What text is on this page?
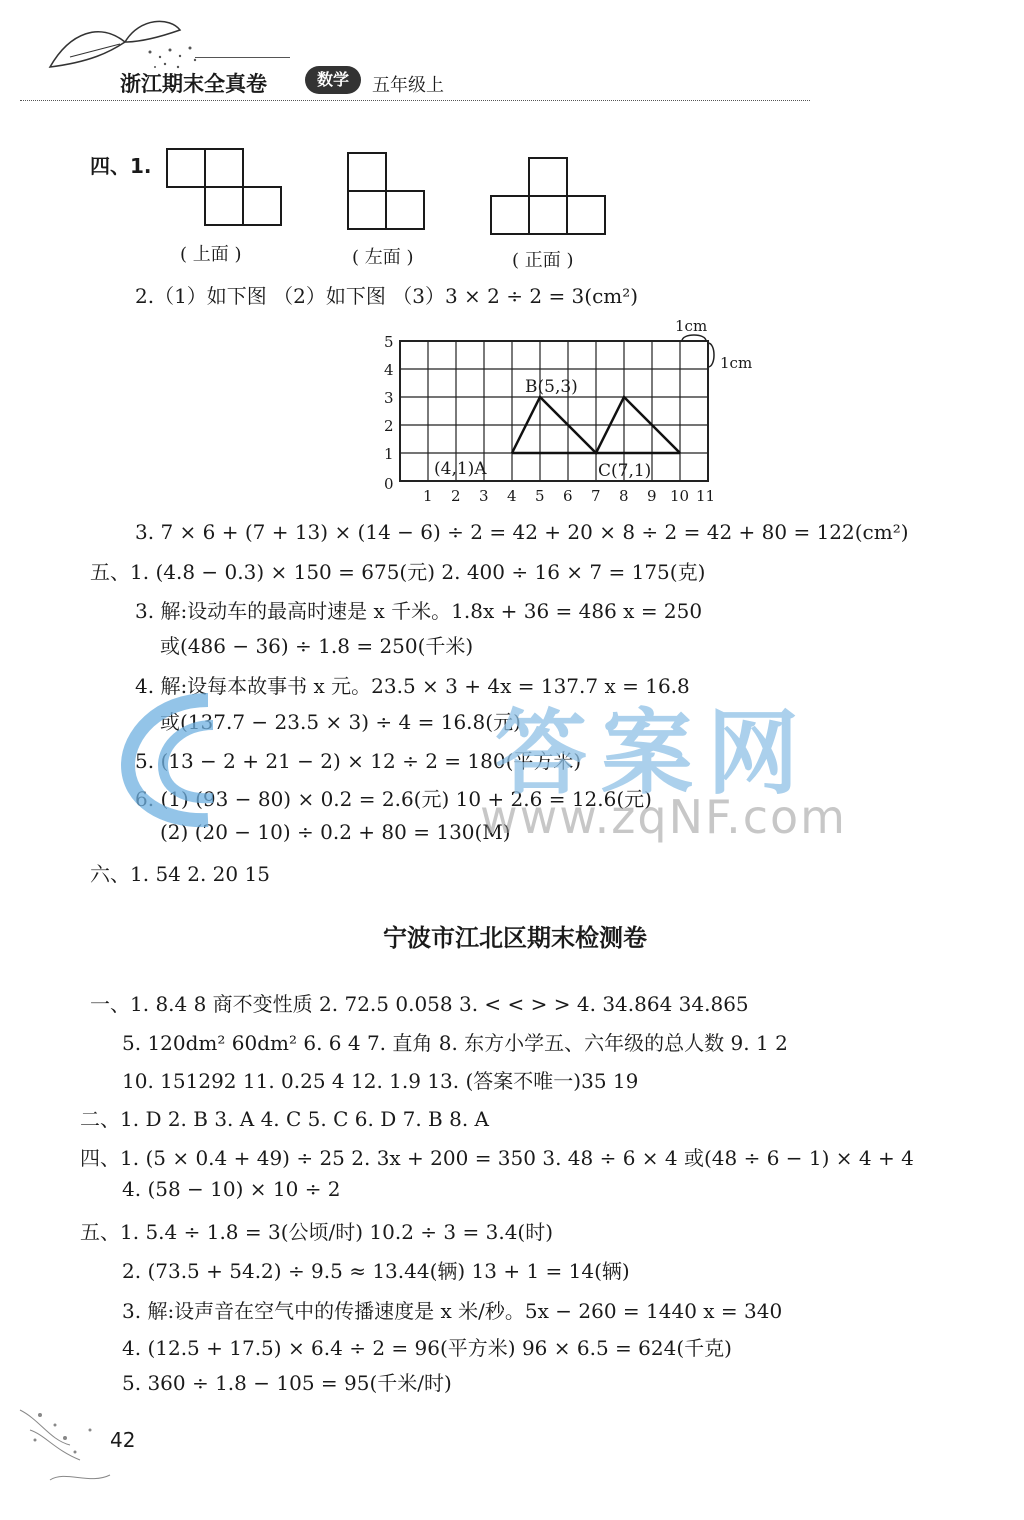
浙江期末全真卷	数学	五年级上
四、1.
( 上面 )	( 左面 )	( 正面 )
2.（1）如下图 （2）如下图 （3）3 × 2 ÷ 2 = 3(cm²)
5
4
3
2
1
0
1 2 3 4 5 6 7 8 9 10 11
1cm
1cm
(4,1)A
B(5,3)
C(7,1)
3. 7 × 6 + (7 + 13) × (14 − 6) ÷ 2 = 42 + 20 × 8 ÷ 2 = 42 + 80 = 122(cm²)
五、1. (4.8 − 0.3) × 150 = 675(元) 2. 400 ÷ 16 × 7 = 175(克)
3. 解:设动车的最高时速是 x 千米。1.8x + 36 = 486 x = 250
或(486 − 36) ÷ 1.8 = 250(千米)
4. 解:设每本故事书 x 元。23.5 × 3 + 4x = 137.7 x = 16.8
或(137.7 − 23.5 × 3) ÷ 4 = 16.8(元)
5. (13 − 2 + 21 − 2) × 12 ÷ 2 = 180(平方米)
6. (1) (93 − 80) × 0.2 = 2.6(元) 10 + 2.6 = 12.6(元)
(2) (20 − 10) ÷ 0.2 + 80 = 130(M)
六、1. 54 2. 20 15
答案网
www.zqNF.com
宁波市江北区期末检测卷
一、1. 8.4 8 商不变性质 2. 72.5 0.058 3. < < > > 4. 34.864 34.865
5. 120dm² 60dm² 6. 6 4 7. 直角 8. 东方小学五、六年级的总人数 9. 1 2
10. 151292 11. 0.25 4 12. 1.9 13. (答案不唯一)35 19
二、1. D 2. B 3. A 4. C 5. C 6. D 7. B 8. A
四、1. (5 × 0.4 + 49) ÷ 25 2. 3x + 200 = 350 3. 48 ÷ 6 × 4 或(48 ÷ 6 − 1) × 4 + 4
4. (58 − 10) × 10 ÷ 2
五、1. 5.4 ÷ 1.8 = 3(公顷/时) 10.2 ÷ 3 = 3.4(时)
2. (73.5 + 54.2) ÷ 9.5 ≈ 13.44(辆) 13 + 1 = 14(辆)
3. 解:设声音在空气中的传播速度是 x 米/秒。5x − 260 = 1440 x = 340
4. (12.5 + 17.5) × 6.4 ÷ 2 = 96(平方米) 96 × 6.5 = 624(千克)
5. 360 ÷ 1.8 − 105 = 95(千米/时)
42
